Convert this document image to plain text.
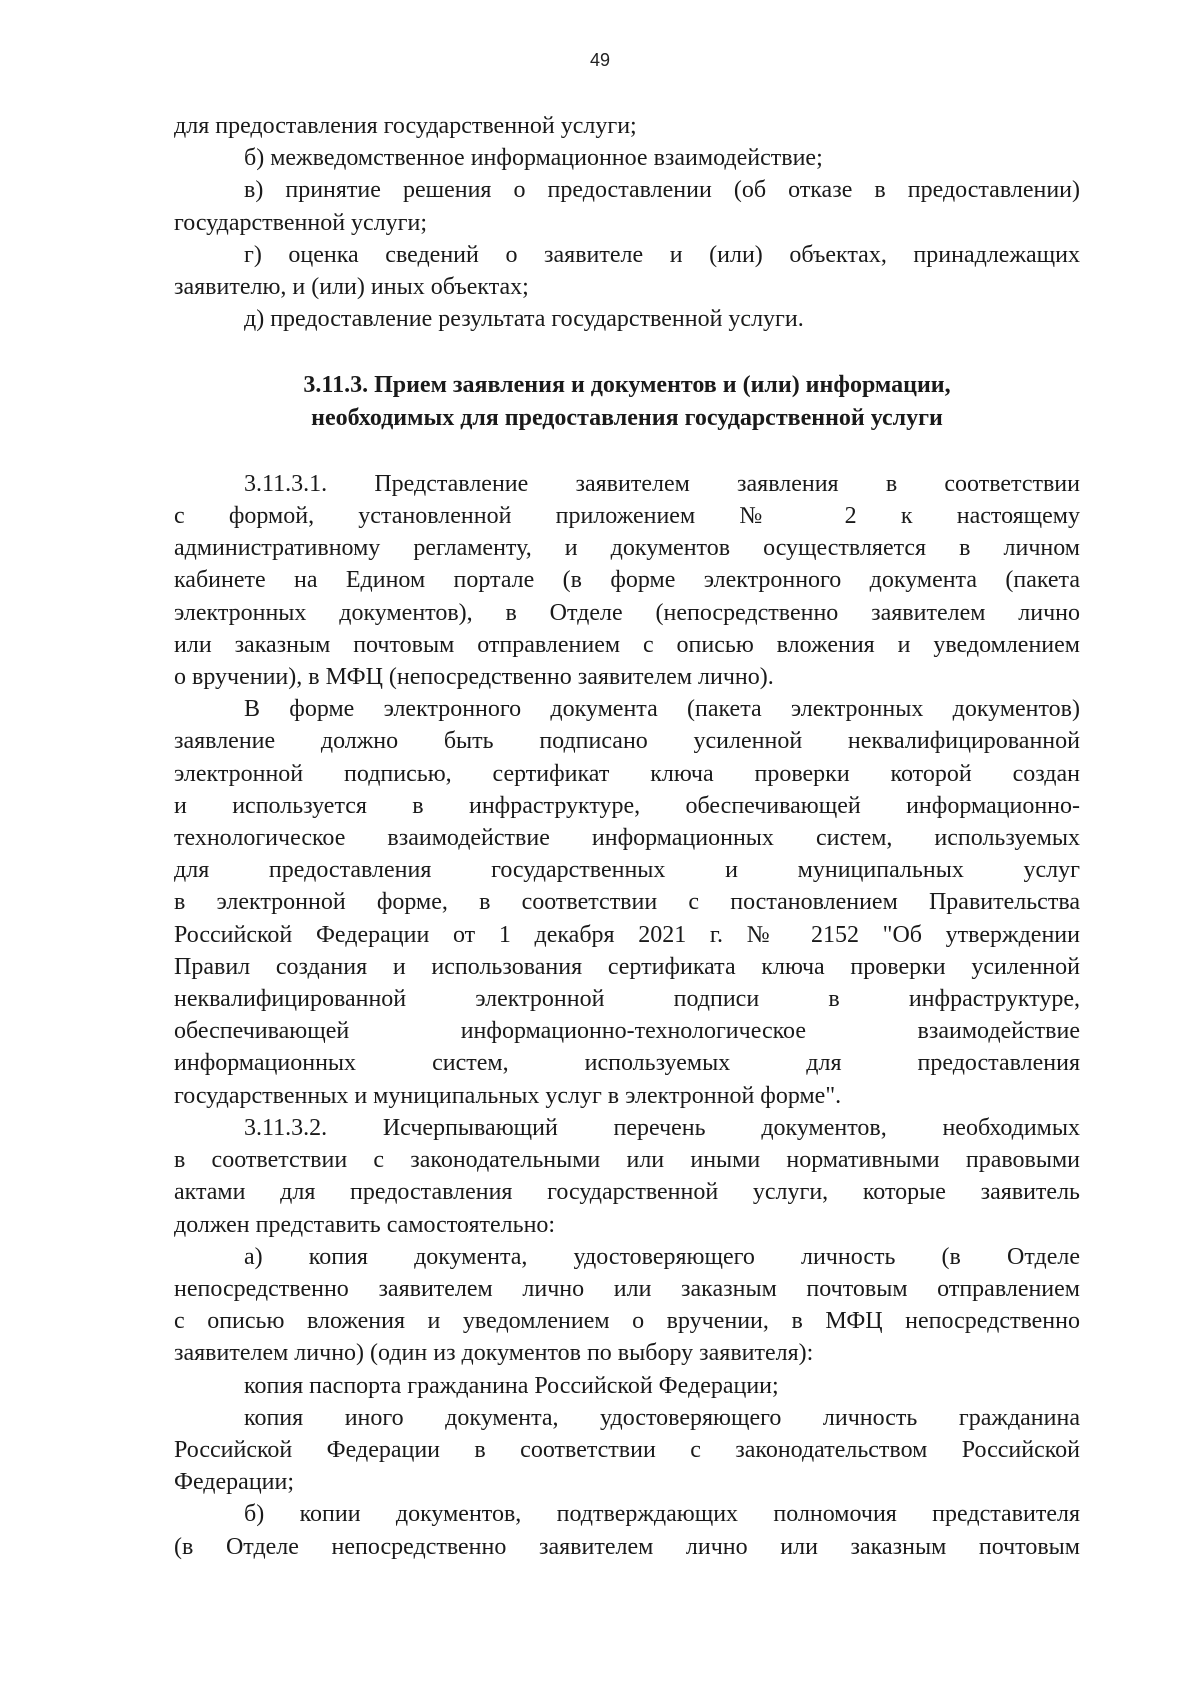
49

для предоставления государственной услуги;

б) межведомственное информационное взаимодействие;

в) принятие решения о предоставлении (об отказе в предоставлении)

государственной услуги;

г) оценка сведений о заявителе и (или) объектах, принадлежащих

заявителю, и (или) иных объектах;

д) предоставление результата государственной услуги.

3.11.3. Прием заявления и документов и (или) информации,
необходимых для предоставления государственной услуги

3.11.3.1. Представление заявителем заявления в соответствии

с формой, установленной приложением № 2 к настоящему

административному регламенту, и документов осуществляется в личном

кабинете на Едином портале (в форме электронного документа (пакета

электронных документов), в Отделе (непосредственно заявителем лично

или заказным почтовым отправлением с описью вложения и уведомлением

о вручении), в МФЦ (непосредственно заявителем лично).

В форме электронного документа (пакета электронных документов)

заявление должно быть подписано усиленной неквалифицированной

электронной подписью, сертификат ключа проверки которой создан

и используется в инфраструктуре, обеспечивающей информационно-

технологическое взаимодействие информационных систем, используемых

для предоставления государственных и муниципальных услуг

в электронной форме, в соответствии с постановлением Правительства

Российской Федерации от 1 декабря 2021 г. № 2152 "Об утверждении

Правил создания и использования сертификата ключа проверки усиленной

неквалифицированной электронной подписи в инфраструктуре,

обеспечивающей информационно-технологическое взаимодействие

информационных систем, используемых для предоставления

государственных и муниципальных услуг в электронной форме".

3.11.3.2. Исчерпывающий перечень документов, необходимых

в соответствии с законодательными или иными нормативными правовыми

актами для предоставления государственной услуги, которые заявитель

должен представить самостоятельно:

а) копия документа, удостоверяющего личность (в Отделе

непосредственно заявителем лично или заказным почтовым отправлением

с описью вложения и уведомлением о вручении, в МФЦ непосредственно

заявителем лично) (один из документов по выбору заявителя):

копия паспорта гражданина Российской Федерации;

копия иного документа, удостоверяющего личность гражданина

Российской Федерации в соответствии с законодательством Российской

Федерации;

б) копии документов, подтверждающих полномочия представителя

(в Отделе непосредственно заявителем лично или заказным почтовым
